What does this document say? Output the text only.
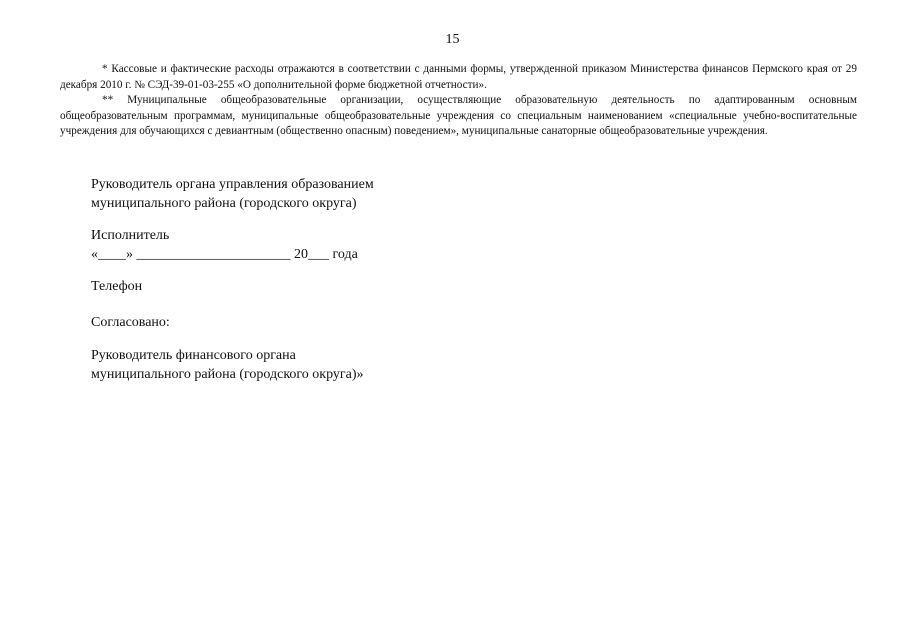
15

* Кассовые и фактические расходы отражаются в соответствии с данными формы, утвержденной приказом Министерства финансов Пермского края от 29 декабря 2010 г. № СЭД-39-01-03-255 «О дополнительной форме бюджетной отчетности».

** Муниципальные общеобразовательные организации, осуществляющие образовательную деятельность по адаптированным основным общеобразовательным программам, муниципальные общеобразовательные учреждения со специальным наименованием «специальные учебно-воспитательные учреждения для обучающихся с девиантным (общественно опасным) поведением», муниципальные санаторные общеобразовательные учреждения.

Руководитель органа управления образованием
муниципального района (городского округа)
Исполнитель
«____» ______________________ 20___ года
Телефон
Согласовано:
Руководитель финансового органа
муниципального района (городского округа)»
